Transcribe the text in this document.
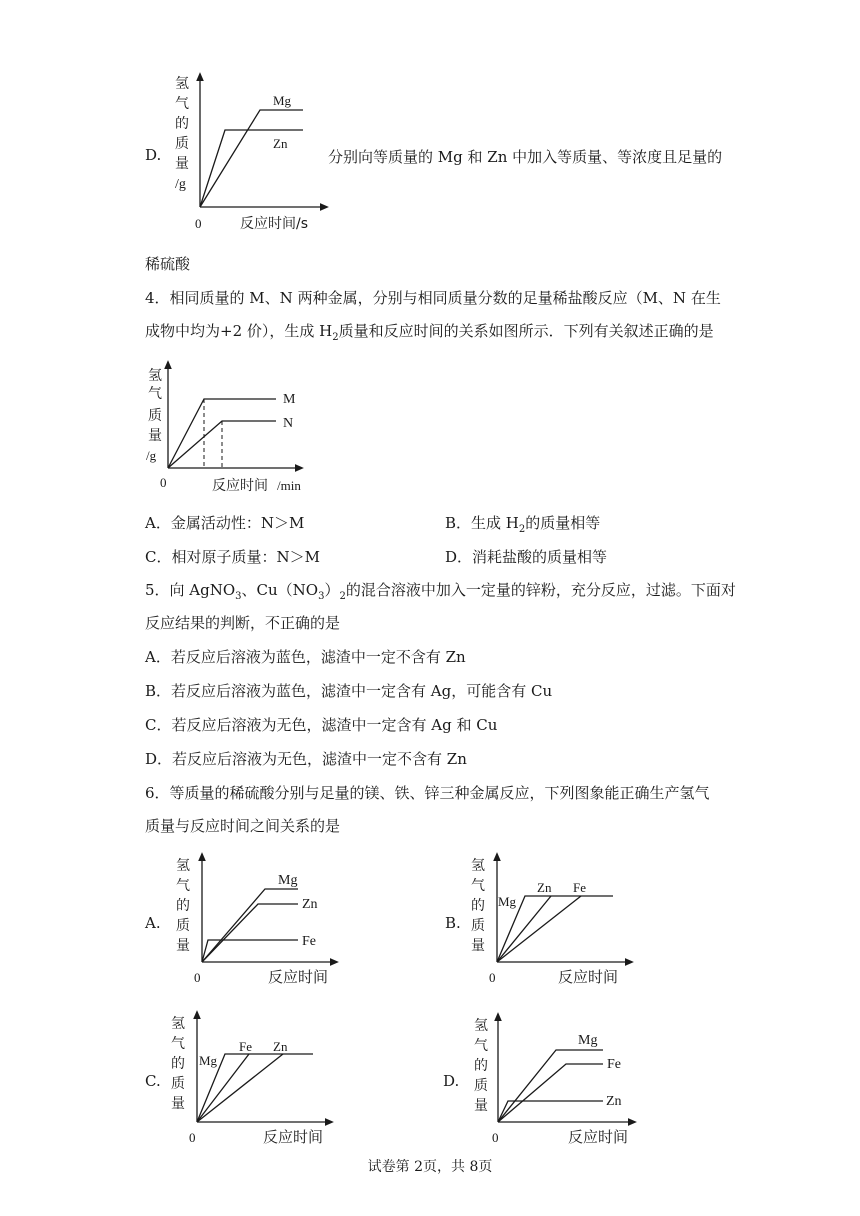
D.
氢
气
的
质
量
/g
0	反应时间/s
Mg
Zn
分别向等质量的 Mg 和 Zn 中加入等质量、等浓度且足量的
稀硫酸
4．相同质量的 M、N 两种金属，分别与相同质量分数的足量稀盐酸反应（M、N 在生
成物中均为+2 价），生成 $H_2$质量和反应时间的关系如图所示．下列有关叙述正确的是
氢
气
质
量
/g
0	反应时间 /min
M
N
A．金属活动性：N＞M	B．生成 $H_2$的质量相等
C．相对原子质量：N＞M	D．消耗盐酸的质量相等
5．向 AgNO$_3$、$Cu(NO_3)_2$的混合溶液中加入一定量的锌粉，充分反应，过滤。下面对
反应结果的判断，不正确的是
A．若反应后溶液为蓝色，滤渣中一定不含有 Zn
B．若反应后溶液为蓝色，滤渣中一定含有 Ag，可能含有 Cu
C．若反应后溶液为无色，滤渣中一定含有 Ag 和 Cu
D．若反应后溶液为无色，滤渣中一定不含有 Zn
6．等质量的稀硫酸分别与足量的镁、铁、锌三种金属反应，下列图象能正确生产氢气
质量与反应时间之间关系的是
A.
氢
气
的
质
量
0	反应时间
Mg
Zn
Fe
B.
氢
气
的
质
量
0	反应时间
Mg
Zn Fe
C.
氢
气
的
质
量
0	反应时间
Mg
Fe Zn
D.
氢
气
的
质
量
0	反应时间
Mg
Fe
Zn
试卷第 2页，共 8页
